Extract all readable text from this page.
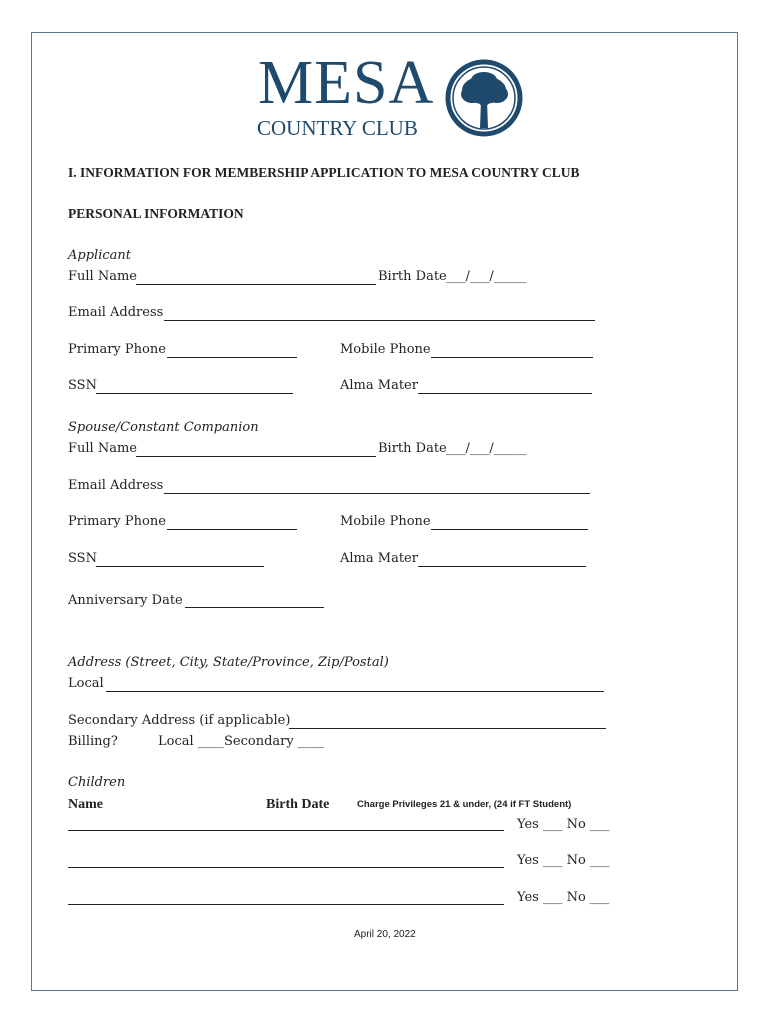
MESA
COUNTRY CLUB
I. INFORMATION FOR MEMBERSHIP APPLICATION TO MESA COUNTRY CLUB
PERSONAL INFORMATION
Applicant
Full Name	Birth Date ___/___/_____
Email Address
Primary Phone	Mobile Phone
SSN	Alma Mater
Spouse/Constant Companion
Full Name	Birth Date ___/___/_____
Email Address
Primary Phone	Mobile Phone
SSN	Alma Mater
Anniversary Date
Address (Street, City, State/Province, Zip/Postal)
Local
Secondary Address (if applicable)
Billing?	Local ____ Secondary ____
Children
Name	Birth Date	Charge Privileges 21 & under, (24 if FT Student)
Yes ___ No ___
Yes ___ No ___
Yes ___ No ___
April 20, 2022
